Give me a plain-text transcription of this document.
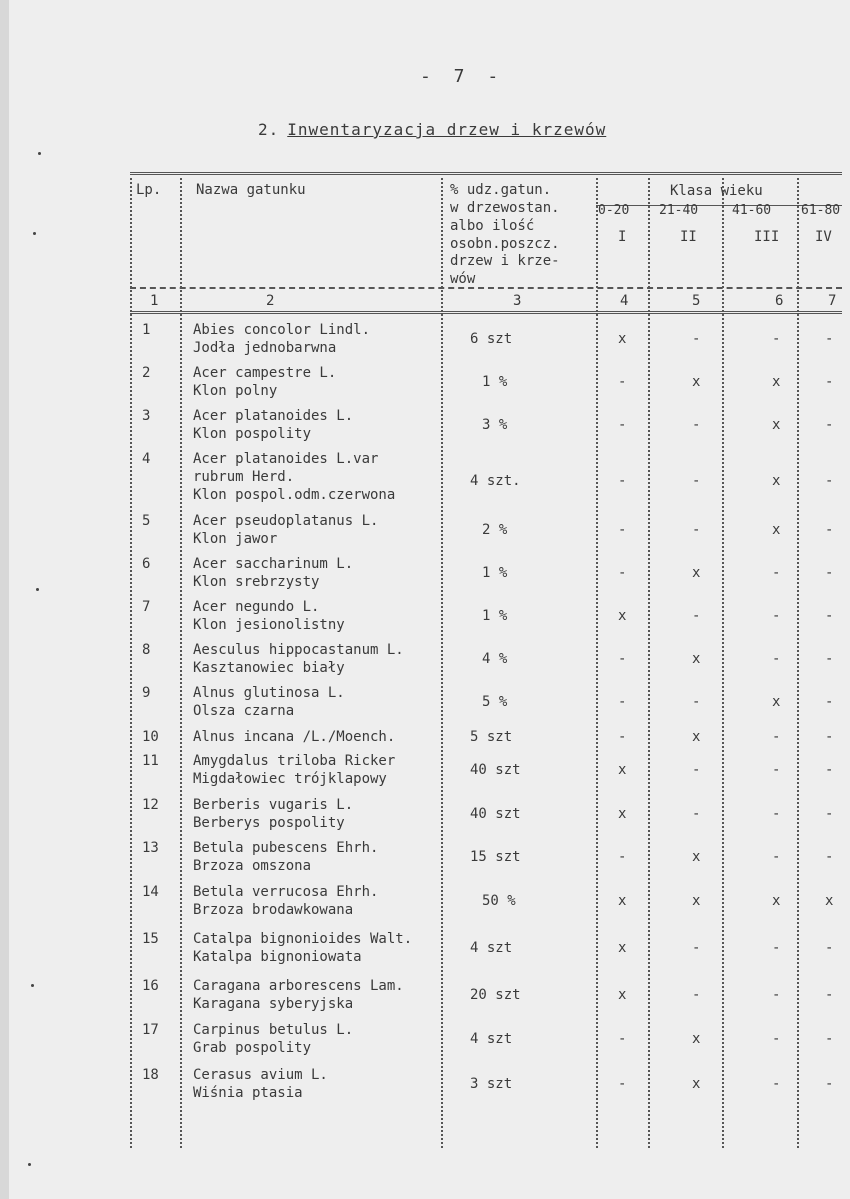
- 7 -
2. Inwentaryzacja drzew i krzewów
Lp. Nazwa gatunku	% udz.gatun.
w drzewostan.
albo ilość
osobn.poszcz.
drzew i krze-
wów
Klasa wieku
0-20 21-40	41-60 61-80
I	II	III	IV
1	2	3	4	5	6	7
1	Abies concolor Lindl.
Jodła jednobarwna
6 szt	x	-	-	-
2	Acer campestre L.
Klon polny
1 %	-	x	x	-
3	Acer platanoides L.
Klon pospolity
3 %	-	-	x	-
4	Acer platanoides L.var
rubrum Herd.
Klon pospol.odm.czerwona
4 szt.	-	-	x	-
5	Acer pseudoplatanus L.
Klon jawor
2 %	-	-	x	-
6	Acer saccharinum L.
Klon srebrzysty
1 %	-	x	-	-
7	Acer negundo L.
Klon jesionolistny
1 %	x	-	-	-
8	Aesculus hippocastanum L.
Kasztanowiec biały
4 %	-	x	-	-
9	Alnus glutinosa L.
Olsza czarna
5 %	-	-	x	-
10 Alnus incana /L./Moench.	5 szt	-	x	-	-
11 Amygdalus triloba Ricker
Migdałowiec trójklapowy
40 szt	x	-	-	-
12 Berberis vugaris L.
Berberys pospolity
40 szt	x	-	-	-
13 Betula pubescens Ehrh.
Brzoza omszona
15 szt	-	x	-	-
14 Betula verrucosa Ehrh.
Brzoza brodawkowana
50 %	x	x	x	x
15 Catalpa bignonioides Walt.
Katalpa bignoniowata
4 szt	x	-	-	-
16 Caragana arborescens Lam.
Karagana syberyjska
20 szt	x	-	-	-
17 Carpinus betulus L.
Grab pospolity
4 szt	-	x	-	-
18 Cerasus avium L.
Wiśnia ptasia
3 szt	-	x	-	-
